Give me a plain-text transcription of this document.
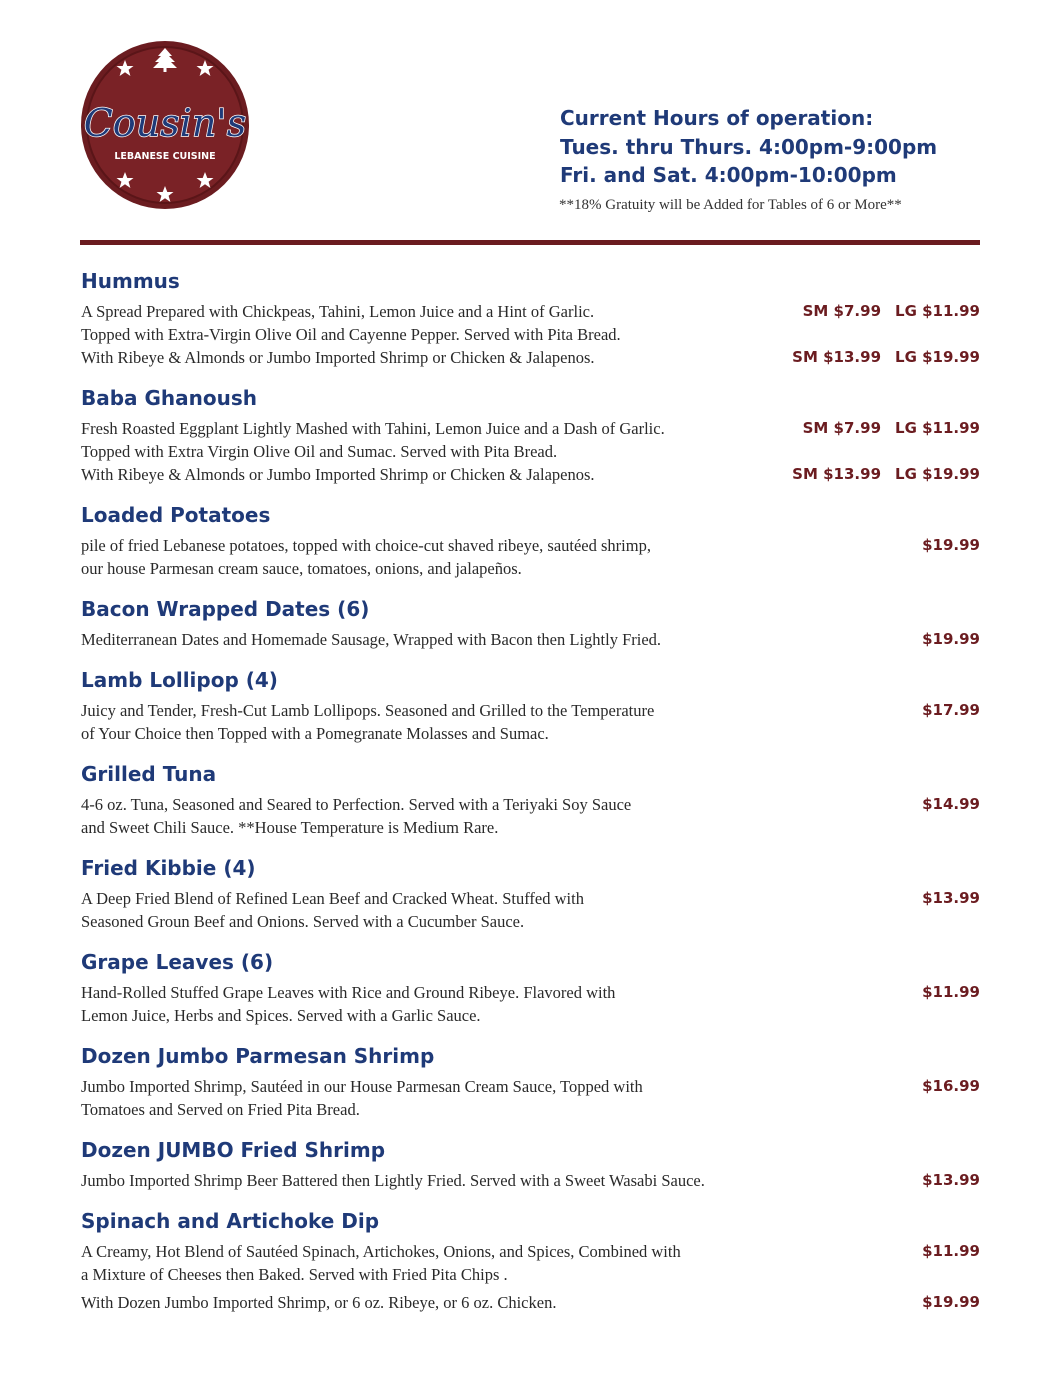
Cousin's
LEBANESE CUISINE
Current Hours of operation:
Tues. thru Thurs. 4:00pm-9:00pm
Fri. and Sat. 4:00pm-10:00pm
**18% Gratuity will be Added for Tables of 6 or More**
Hummus
A Spread Prepared with Chickpeas, Tahini, Lemon Juice and a Hint of Garlic.
Topped with Extra-Virgin Olive Oil and Cayenne Pepper. Served with Pita Bread.
SM $7.99 LG $11.99
With Ribeye & Almonds or Jumbo Imported Shrimp or Chicken & Jalapenos.	SM $13.99 LG $19.99
Baba Ghanoush
Fresh Roasted Eggplant Lightly Mashed with Tahini, Lemon Juice and a Dash of Garlic.
Topped with Extra Virgin Olive Oil and Sumac. Served with Pita Bread.
SM $7.99 LG $11.99
With Ribeye & Almonds or Jumbo Imported Shrimp or Chicken & Jalapenos.	SM $13.99 LG $19.99
Loaded Potatoes
pile of fried Lebanese potatoes, topped with choice-cut shaved ribeye, sautéed shrimp,
our house Parmesan cream sauce, tomatoes, onions, and jalapeños.
$19.99
Bacon Wrapped Dates (6)
Mediterranean Dates and Homemade Sausage, Wrapped with Bacon then Lightly Fried.	$19.99
Lamb Lollipop (4)
Juicy and Tender, Fresh-Cut Lamb Lollipops. Seasoned and Grilled to the Temperature
of Your Choice then Topped with a Pomegranate Molasses and Sumac.
$17.99
Grilled Tuna
4-6 oz. Tuna, Seasoned and Seared to Perfection. Served with a Teriyaki Soy Sauce
and Sweet Chili Sauce. **House Temperature is Medium Rare.
$14.99
Fried Kibbie (4)
A Deep Fried Blend of Refined Lean Beef and Cracked Wheat. Stuffed with
Seasoned Groun Beef and Onions. Served with a Cucumber Sauce.
$13.99
Grape Leaves (6)
Hand-Rolled Stuffed Grape Leaves with Rice and Ground Ribeye. Flavored with
Lemon Juice, Herbs and Spices. Served with a Garlic Sauce.
$11.99
Dozen Jumbo Parmesan Shrimp
Jumbo Imported Shrimp, Sautéed in our House Parmesan Cream Sauce, Topped with
Tomatoes and Served on Fried Pita Bread.
$16.99
Dozen JUMBO Fried Shrimp
Jumbo Imported Shrimp Beer Battered then Lightly Fried. Served with a Sweet Wasabi Sauce.	$13.99
Spinach and Artichoke Dip
A Creamy, Hot Blend of Sautéed Spinach, Artichokes, Onions, and Spices, Combined with
a Mixture of Cheeses then Baked. Served with Fried Pita Chips .
$11.99
With Dozen Jumbo Imported Shrimp, or 6 oz. Ribeye, or 6 oz. Chicken.	$19.99
